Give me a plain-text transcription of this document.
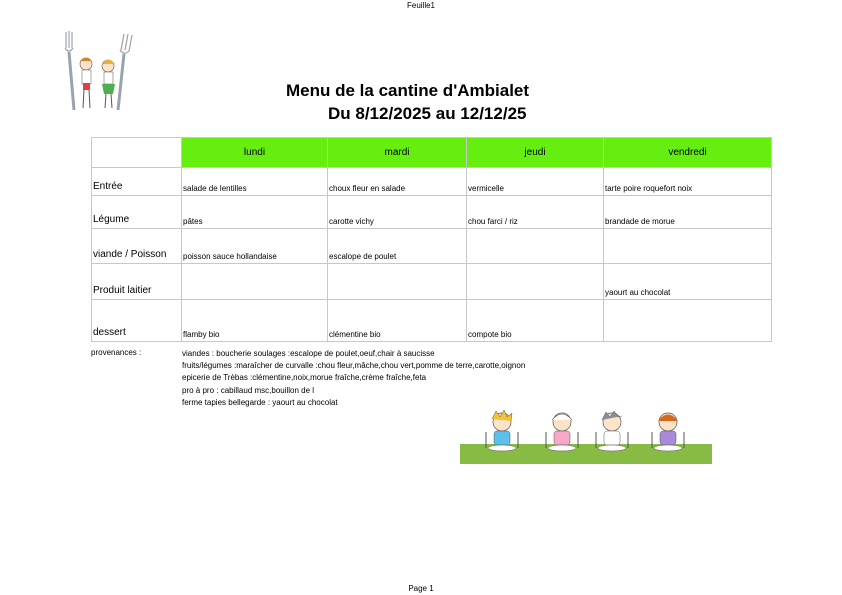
Feuille1
Menu de la cantine d'Ambialet
Du 8/12/2025 au 12/12/25
	lundi	mardi	jeudi	vendredi
Entrée	salade de lentilles	choux fleur en salade	vermicelle	tarte poire roquefort noix
Légume	pâtes	carotte vichy	chou farci / riz	brandade de morue
viande / Poisson	poisson sauce hollandaise	escalope de poulet		
Produit laitier				yaourt au chocolat
dessert	flamby bio	clémentine bio	compote bio	
provenances :	viandes : boucherie soulages :escalope de poulet,oeuf,chair à saucisse
fruits/légumes :maraîcher de curvalle :chou fleur,mâche,chou vert,pomme de terre,carotte,oignon
epicerie de Trèbas :clémentine,noix,morue fraîche,crème fraîche,feta
pro à pro : cabillaud msc,bouillon de l
ferme tapies bellegarde : yaourt au chocolat
Page 1
